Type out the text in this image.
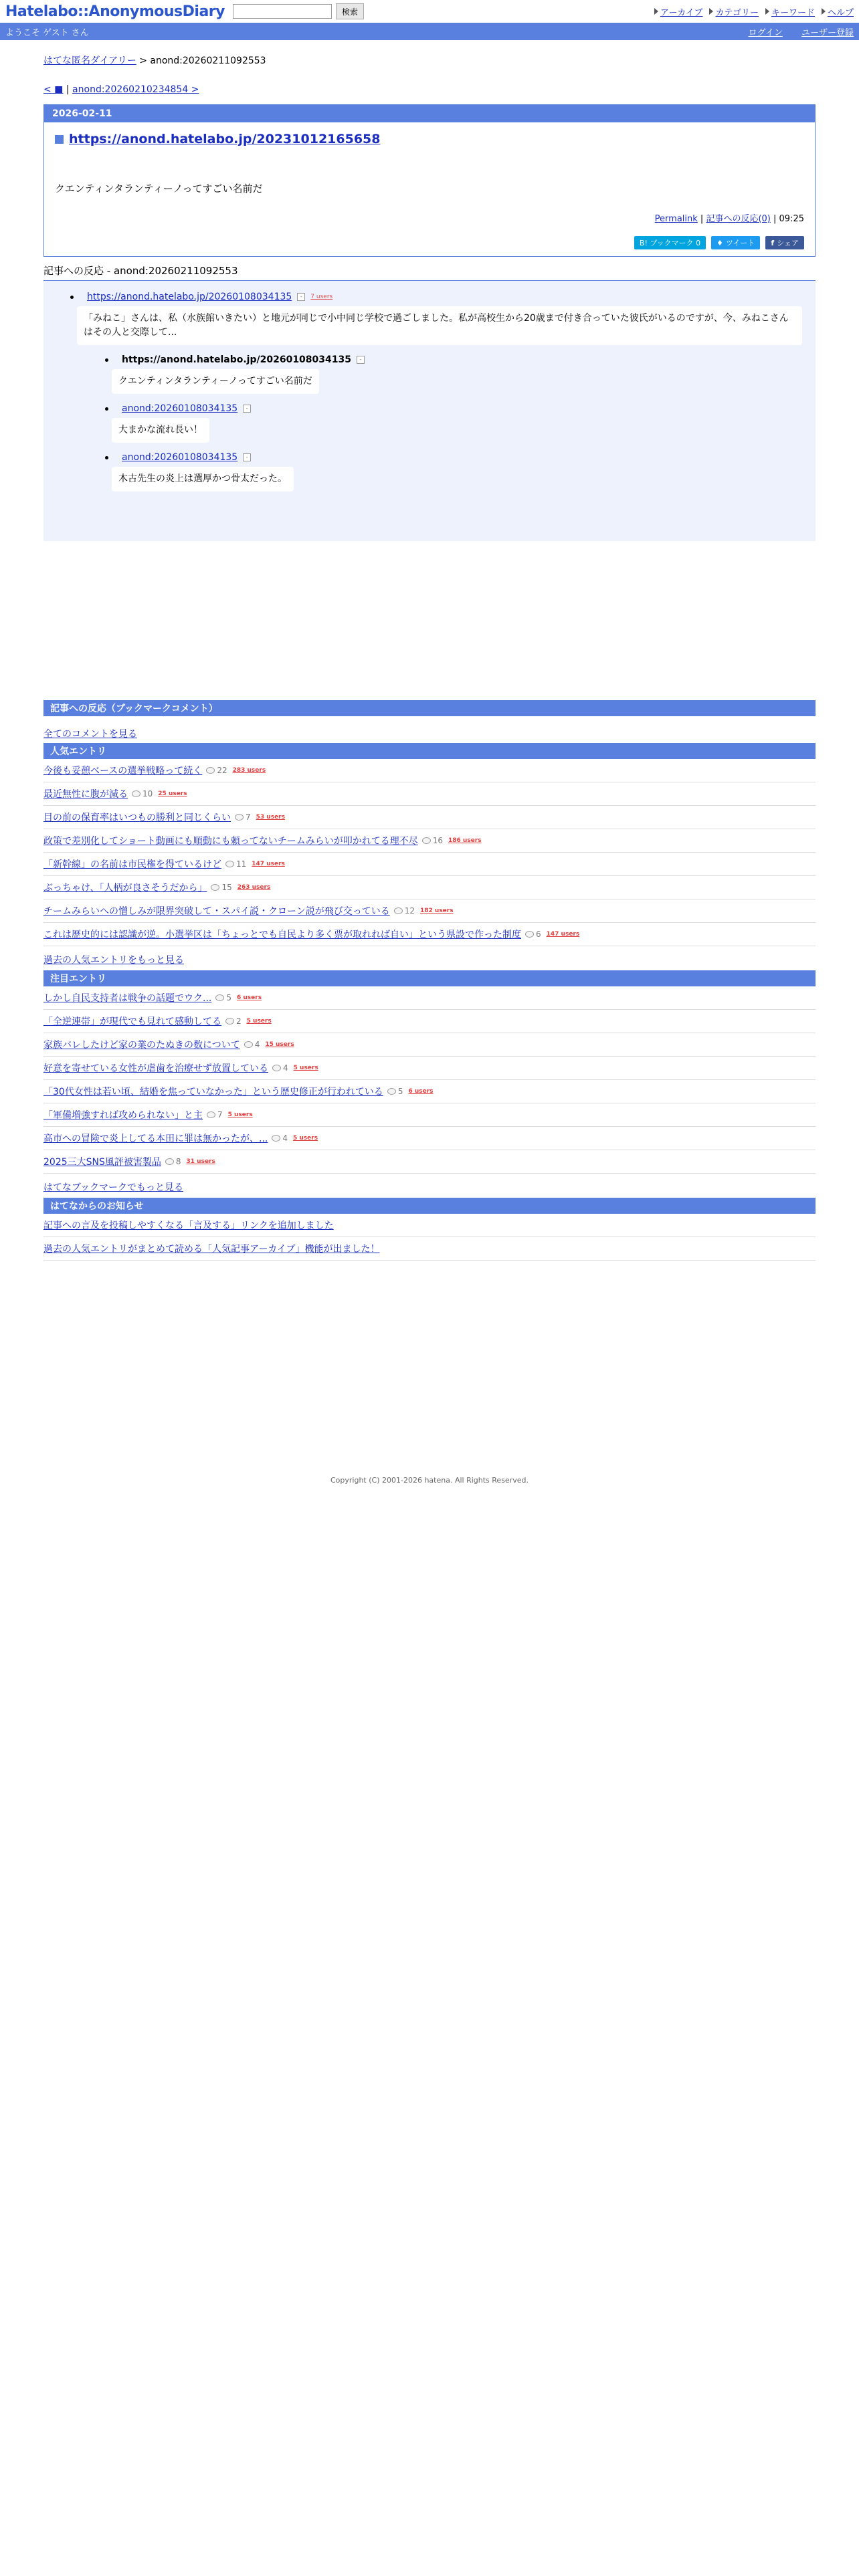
Hatelabo::AnonymousDiary	検索	アーカイブ カテゴリー キーワード ヘルプ
ようこそ ゲスト さん	ログイン ユーザー登録
はてな匿名ダイアリー > anond:20260211092553
< ■ | anond:20260210234854 >
2026-02-11
https://anond.hatelabo.jp/20231012165658
クエンティンタランティーノってすごい名前だ
Permalink | 記事への反応(0) | 09:25
B! ブックマーク 0	♦ ツイート f シェア
記事への反応 - anond:20260211092553
https://anond.hatelabo.jp/20260108034135	-	7 users
「みねこ」さんは、私（水族館いきたい）と地元が同じで小中同じ学校で過ごしました。私が高校生から20歳まで付き合っていた彼氏がいるのですが、今、みねこさんはその人と交際して...
https://anond.hatelabo.jp/20260108034135	-
クエンティンタランティーノってすごい名前だ
anond:20260108034135	-
大まかな流れ長い！
anond:20260108034135	-
木古先生の炎上は選厚かつ骨太だった。
記事への反応（ブックマークコメント）
全てのコメントを見る
人気エントリ
今後も妥憩ベースの選挙戦略って続く 22 283 users
最近無性に腹が減る 10 25 users
目の前の保育率はいつもの勝利と同じくらい 7 53 users
政策で差別化してショート動画にも順動にも頼ってないチームみらいが叩かれてる理不尽 16 186 users
「新幹線」の名前は市民権を得ているけど 11 147 users
ぶっちゃけ、「人柄が良さそうだから」 15 263 users
チームみらいへの憎しみが限界突破して・スパイ説・クローン説が飛び交っている 12 182 users
これは歴史的には認識が逆。小選挙区は「ちょっとでも自民より多く票が取れれば自い」という県設で作った制度 6 147 users
過去の人気エントリをもっと見る
注目エントリ
しかし自民支持者は戦争の話題でウク... 5 6 users
「全逆連帯」が現代でも見れて感動してる 2 5 users
家族バレしたけど家の業のたぬきの数について 4 15 users
好意を寄せている女性が虐歯を治療せず放置している 4 5 users
「30代女性は若い頃、結婚を焦っていなかった」という歴史修正が行われている 5 6 users
「軍備増強すれば攻められない」と主 7 5 users
高市への冒険で炎上してる本田に罪は無かったが、... 4 5 users
2025三大SNS風評被害製品 8 31 users
はてなブックマークでもっと見る
はてなからのお知らせ
記事への言及を投稿しやすくなる「言及する」リンクを追加しました
過去の人気エントリがまとめて読める「人気記事アーカイブ」機能が出ました！
Copyright (C) 2001-2026 hatena. All Rights Reserved.
